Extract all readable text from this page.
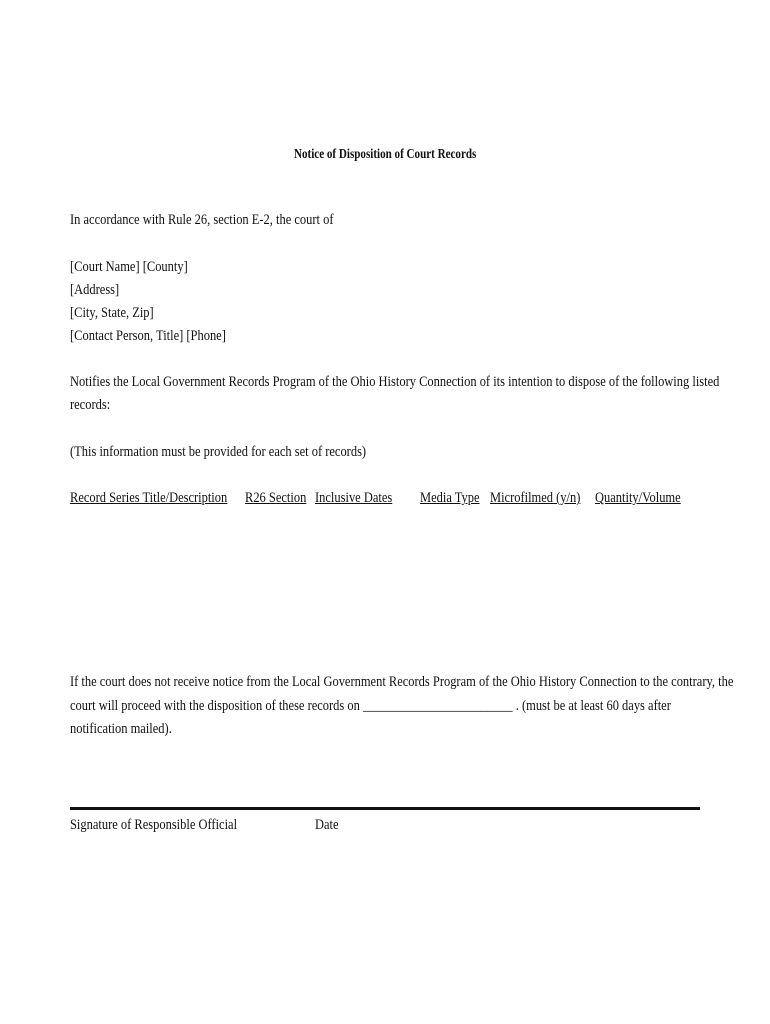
Notice of Disposition of Court Records
In accordance with Rule 26, section E-2, the court of
[Court Name] [County]
[Address]
[City, State, Zip]
[Contact Person, Title] [Phone]
Notifies the Local Government Records Program of the Ohio History Connection of its intention to dispose of the following listed
records:
(This information must be provided for each set of records)
Record Series Title/Description R26 Section Inclusive Dates Media Type Microfilmed (y/n) Quantity/Volume
If the court does not receive notice from the Local Government Records Program of the Ohio History Connection to the contrary, the
court will proceed with the disposition of these records on ________________________ . (must be at least 60 days after
notification mailed).
Signature of Responsible Official	Date
